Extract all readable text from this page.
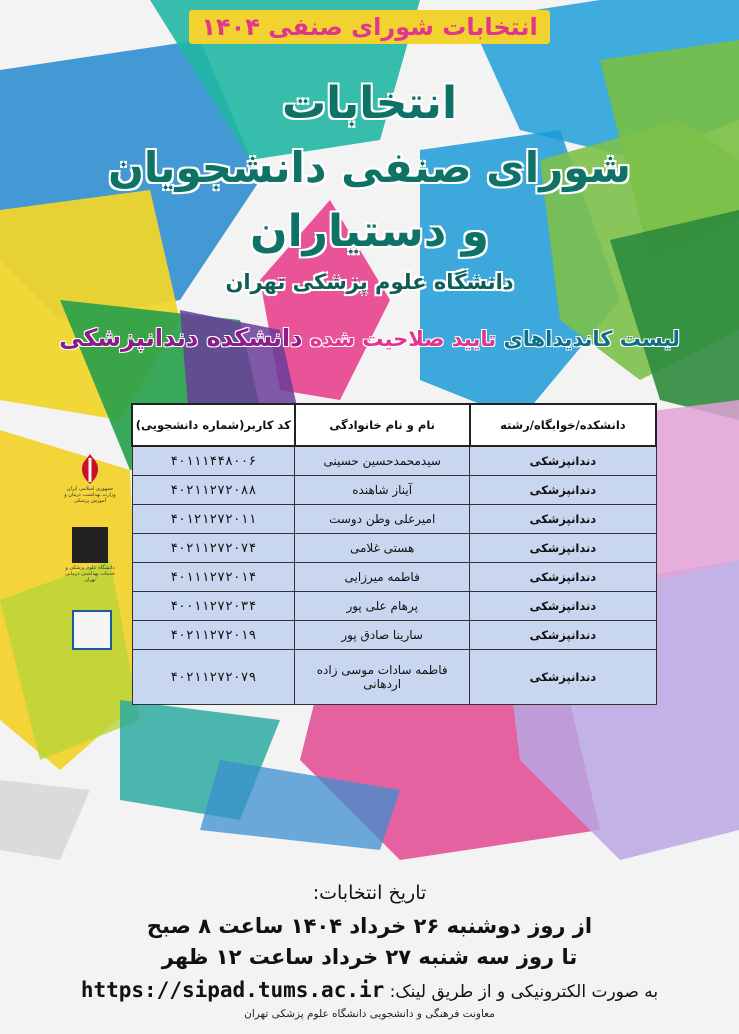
انتخابات شورای صنفی ۱۴۰۴
انتخابات
شورای صنفی دانشجویان
و دستیاران
دانشگاه علوم پزشکی تهران
لیست کاندیداهای تایید صلاحیت شده دانشکده دندانپزشکی
دانشکده/خوابگاه/رشته	نام و نام خانوادگی	کد کاربر(شماره دانشجویی)
دندانپزشکی	سیدمحمدحسین حسینی	۴۰۱۱۱۴۴۸۰۰۶
دندانپزشکی	آیناز شاهنده	۴۰۲۱۱۲۷۲۰۸۸
دندانپزشکی	امیرعلی وطن دوست	۴۰۱۲۱۲۷۲۰۱۱
دندانپزشکی	هستی غلامی	۴۰۲۱۱۲۷۲۰۷۴
دندانپزشکی	فاطمه میرزایی	۴۰۱۱۱۲۷۲۰۱۴
دندانپزشکی	پرهام علی پور	۴۰۰۱۱۲۷۲۰۳۴
دندانپزشکی	سارینا صادق پور	۴۰۲۱۱۲۷۲۰۱۹
دندانپزشکی	فاطمه سادات موسی زاده اردهانی	۴۰۲۱۱۲۷۲۰۷۹
جمهوری اسلامی ایران وزارت بهداشت، درمان و آموزش پزشکی
دانشگاه علوم پزشکی و خدمات بهداشتی درمانی تهران
تاریخ انتخابات:
از روز دوشنبه ۲۶ خرداد ۱۴۰۴ ساعت ۸ صبح
تا روز سه شنبه ۲۷ خرداد ساعت ۱۲ ظهر
به صورت الکترونیکی و از طریق لینک: https://sipad.tums.ac.ir
معاونت فرهنگی و دانشجویی دانشگاه علوم پزشکی تهران
